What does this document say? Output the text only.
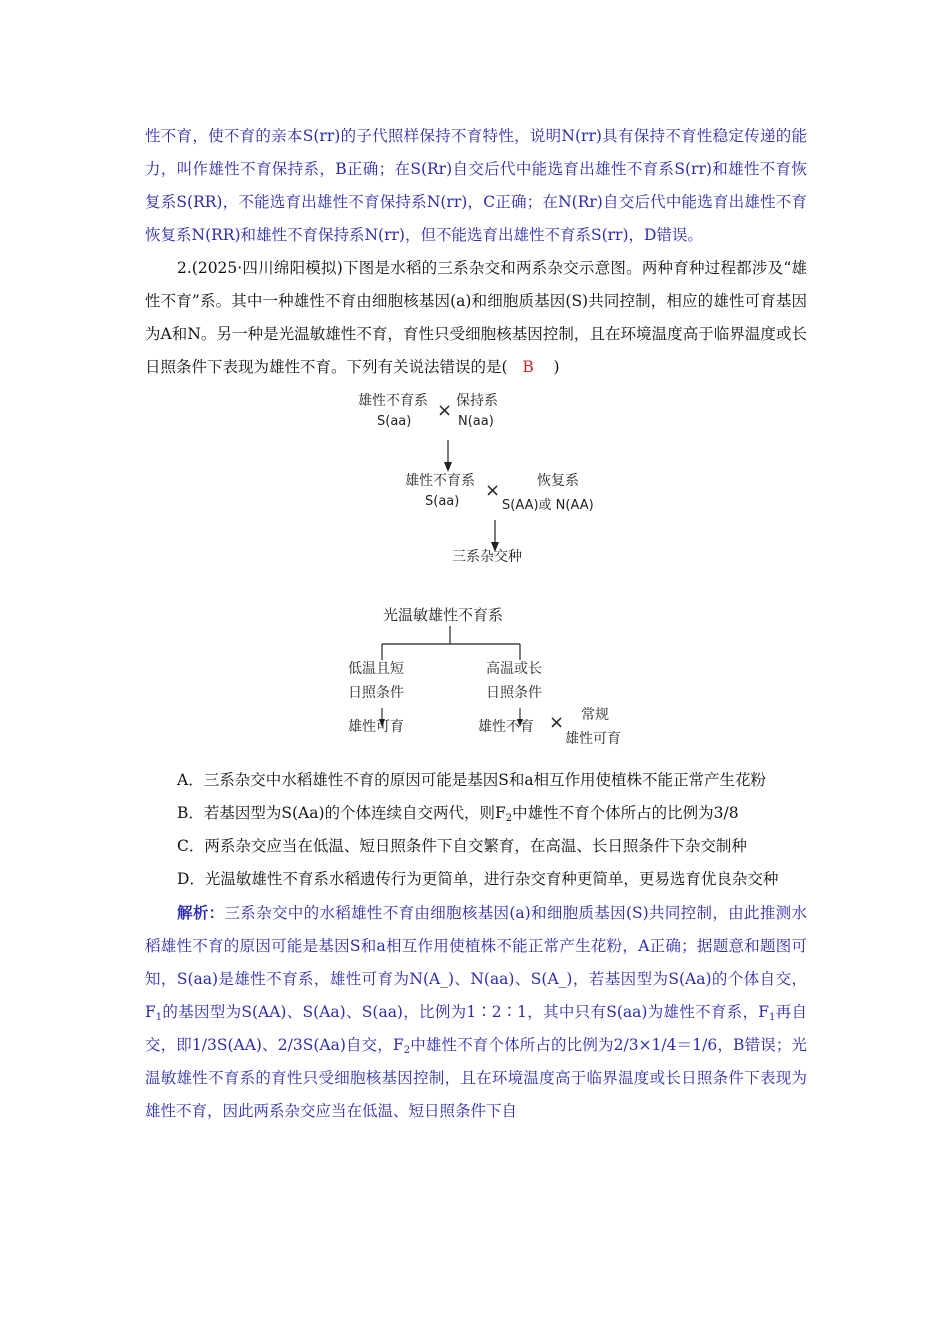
性不育，使不育的亲本S(rr)的子代照样保持不育特性，说明N(rr)具有保持不育性稳定传递的能力，叫作雄性不育保持系，B正确；在S(Rr)自交后代中能选育出雄性不育系S(rr)和雄性不育恢复系S(RR)，不能选育出雄性不育保持系N(rr)，C正确；在N(Rr)自交后代中能选育出雄性不育恢复系N(RR)和雄性不育保持系N(rr)，但不能选育出雄性不育系S(rr)，D错误。

2.(2025·四川绵阳模拟)下图是水稻的三系杂交和两系杂交示意图。两种育种过程都涉及“雄性不育”系。其中一种雄性不育由细胞核基因(a)和细胞质基因(S)共同控制，相应的雄性可育基因为A和N。另一种是光温敏雄性不育，育性只受细胞核基因控制，且在环境温度高于临界温度或长日照条件下表现为雄性不育。下列有关说法错误的是( B )

雄性不育系
S(aa)
× 保持系
N(aa)
雄性不育系
S(aa)
×	恢复系
S(AA)或 N(AA)
三系杂交种
光温敏雄性不育系
低温且短
日照条件
雄性可育
高温或长
日照条件
雄性不育 × 常规
雄性可育

A．三系杂交中水稻雄性不育的原因可能是基因S和a相互作用使植株不能正常产生花粉

B．若基因型为S(Aa)的个体连续自交两代，则$F_2$中雄性不育个体所占的比例为3/8

C．两系杂交应当在低温、短日照条件下自交繁育，在高温、长日照条件下杂交制种

D．光温敏雄性不育系水稻遗传行为更简单，进行杂交育种更简单，更易选育优良杂交种

解析：三系杂交中的水稻雄性不育由细胞核基因(a)和细胞质基因(S)共同控制，由此推测水稻雄性不育的原因可能是基因S和a相互作用使植株不能正常产生花粉，A正确；据题意和题图可知，S(aa)是雄性不育系，雄性可育为N(A_)、N(aa)、S(A_)，若基因型为S(Aa)的个体自交，$F_1$的基因型为S(AA)、S(Aa)、S(aa)，比例为1∶2∶1，其中只有S(aa)为雄性不育系，$F_1$再自交，即1/3S(AA)、2/3S(Aa)自交，$F_2$中雄性不育个体所占的比例为2/3×1/4＝1/6，B错误；光温敏雄性不育系的育性只受细胞核基因控制，且在环境温度高于临界温度或长日照条件下表现为雄性不育，因此两系杂交应当在低温、短日照条件下自
